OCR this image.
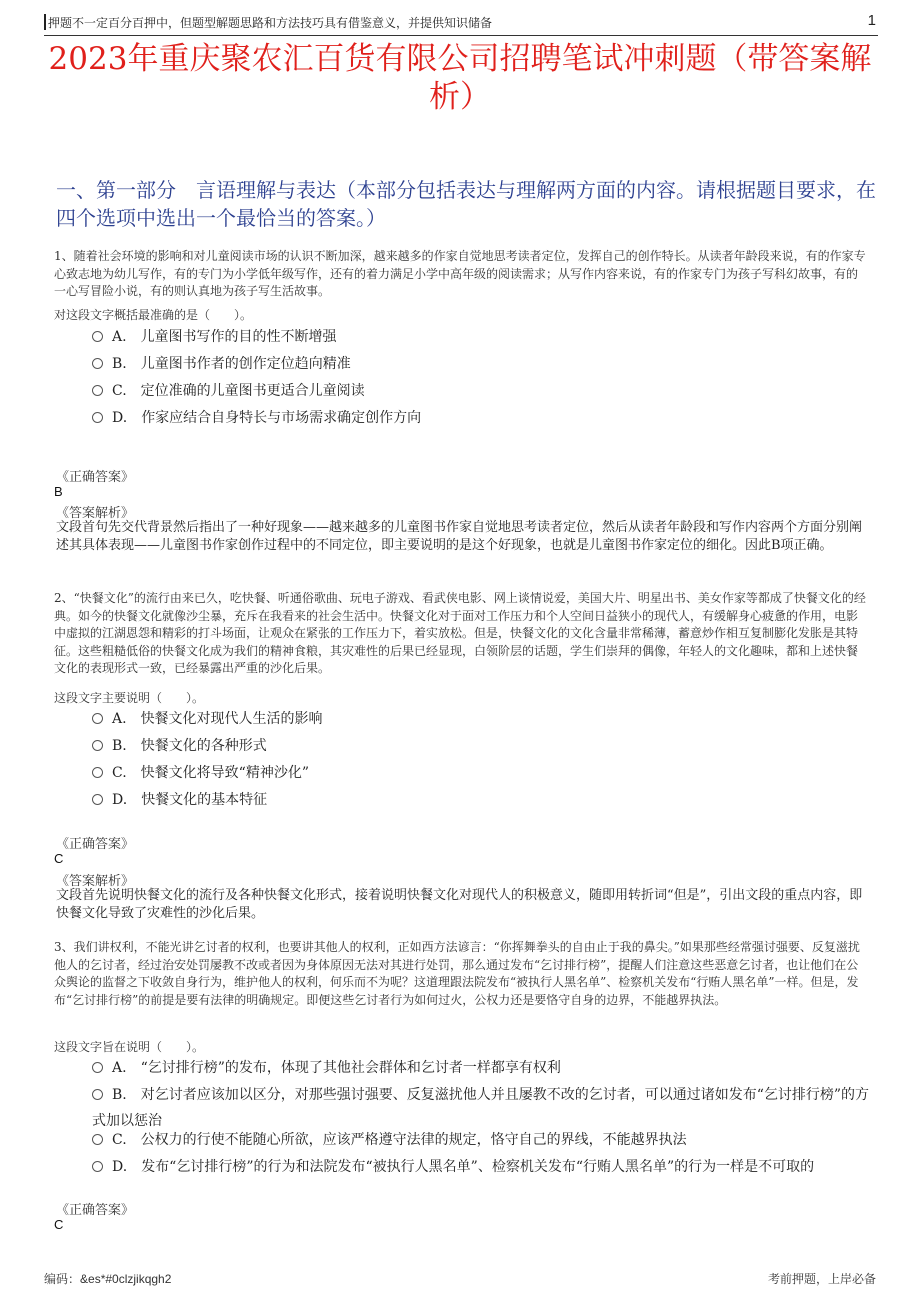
押题不一定百分百押中，但题型解题思路和方法技巧具有借鉴意义，并提供知识储备	1
2023年重庆聚农汇百货有限公司招聘笔试冲刺题（带答案解析）
一、第一部分　言语理解与表达（本部分包括表达与理解两方面的内容。请根据题目要求，在四个选项中选出一个最恰当的答案。）
1、随着社会环境的影响和对儿童阅读市场的认识不断加深，越来越多的作家自觉地思考读者定位，发挥自己的创作特长。从读者年龄段来说，有的作家专心致志地为幼儿写作，有的专门为小学低年级写作，还有的着力满足小学中高年级的阅读需求；从写作内容来说，有的作家专门为孩子写科幻故事，有的一心写冒险小说，有的则认真地为孩子写生活故事。
对这段文字概括最准确的是（　　）。
A. 儿童图书写作的目的性不断增强
B. 儿童图书作者的创作定位趋向精准
C. 定位准确的儿童图书更适合儿童阅读
D. 作家应结合自身特长与市场需求确定创作方向
《正确答案》
B
《答案解析》
文段首句先交代背景然后指出了一种好现象——越来越多的儿童图书作家自觉地思考读者定位，然后从读者年龄段和写作内容两个方面分别阐述其具体表现——儿童图书作家创作过程中的不同定位，即主要说明的是这个好现象，也就是儿童图书作家定位的细化。因此B项正确。
2、“快餐文化”的流行由来已久，吃快餐、听通俗歌曲、玩电子游戏、看武侠电影、网上谈情说爱，美国大片、明星出书、美女作家等都成了快餐文化的经典。如今的快餐文化就像沙尘暴，充斥在我看来的社会生活中。快餐文化对于面对工作压力和个人空间日益狭小的现代人，有缓解身心疲惫的作用，电影中虚拟的江湖恩怨和精彩的打斗场面，让观众在紧张的工作压力下，着实放松。但是，快餐文化的文化含量非常稀薄，蓄意炒作相互复制膨化发胀是其特征。这些粗糙低俗的快餐文化成为我们的精神食粮，其灾难性的后果已经显现，白领阶层的话题，学生们崇拜的偶像，年轻人的文化趣味，都和上述快餐文化的表现形式一致，已经暴露出严重的沙化后果。
这段文字主要说明（　　）。
A. 快餐文化对现代人生活的影响
B. 快餐文化的各种形式
C. 快餐文化将导致“精神沙化”
D. 快餐文化的基本特征
《正确答案》
C
《答案解析》
文段首先说明快餐文化的流行及各种快餐文化形式，接着说明快餐文化对现代人的积极意义，随即用转折词“但是”，引出文段的重点内容，即快餐文化导致了灾难性的沙化后果。
3、我们讲权利，不能光讲乞讨者的权利，也要讲其他人的权利，正如西方法谚言：“你挥舞拳头的自由止于我的鼻尖。”如果那些经常强讨强要、反复滋扰他人的乞讨者，经过治安处罚屡教不改或者因为身体原因无法对其进行处罚，那么通过发布“乞讨排行榜”，提醒人们注意这些恶意乞讨者，也让他们在公众舆论的监督之下收敛自身行为，维护他人的权利，何乐而不为呢？这道理跟法院发布“被执行人黑名单”、检察机关发布“行贿人黑名单”一样。但是，发布“乞讨排行榜”的前提是要有法律的明确规定。即便这些乞讨者行为如何过火，公权力还是要恪守自身的边界，不能越界执法。
这段文字旨在说明（　　）。
A. “乞讨排行榜”的发布，体现了其他社会群体和乞讨者一样都享有权利
B. 对乞讨者应该加以区分，对那些强讨强要、反复滋扰他人并且屡教不改的乞讨者，可以通过诸如发布“乞讨排行榜”的方式加以惩治
C. 公权力的行使不能随心所欲，应该严格遵守法律的规定，恪守自己的界线，不能越界执法
D. 发布“乞讨排行榜”的行为和法院发布“被执行人黑名单”、检察机关发布“行贿人黑名单”的行为一样是不可取的
《正确答案》
C
编码：&es*#0clzjikqgh2	考前押题，上岸必备
